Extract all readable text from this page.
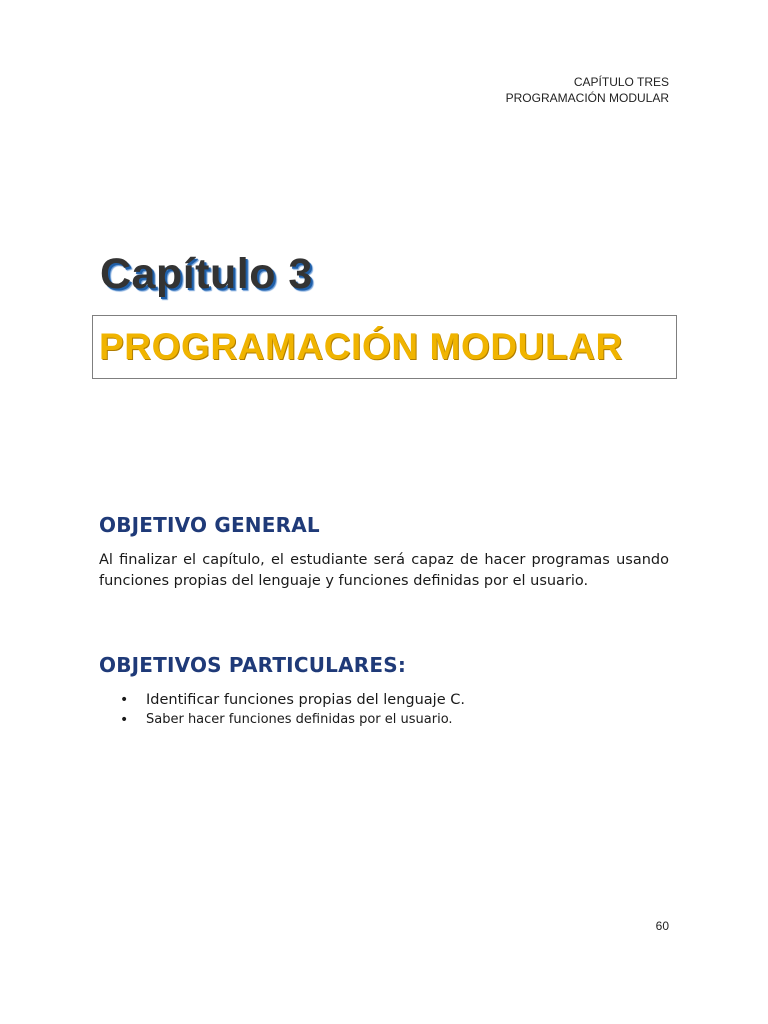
CAPÍTULO TRES
PROGRAMACIÓN MODULAR
Capítulo 3
PROGRAMACIÓN MODULAR
OBJETIVO GENERAL

Al finalizar el capítulo, el estudiante será capaz de hacer programas usando funciones propias del lenguaje y funciones definidas por el usuario.

OBJETIVOS PARTICULARES:
• Identificar funciones propias del lenguaje C.
• Saber hacer funciones definidas por el usuario.
60
